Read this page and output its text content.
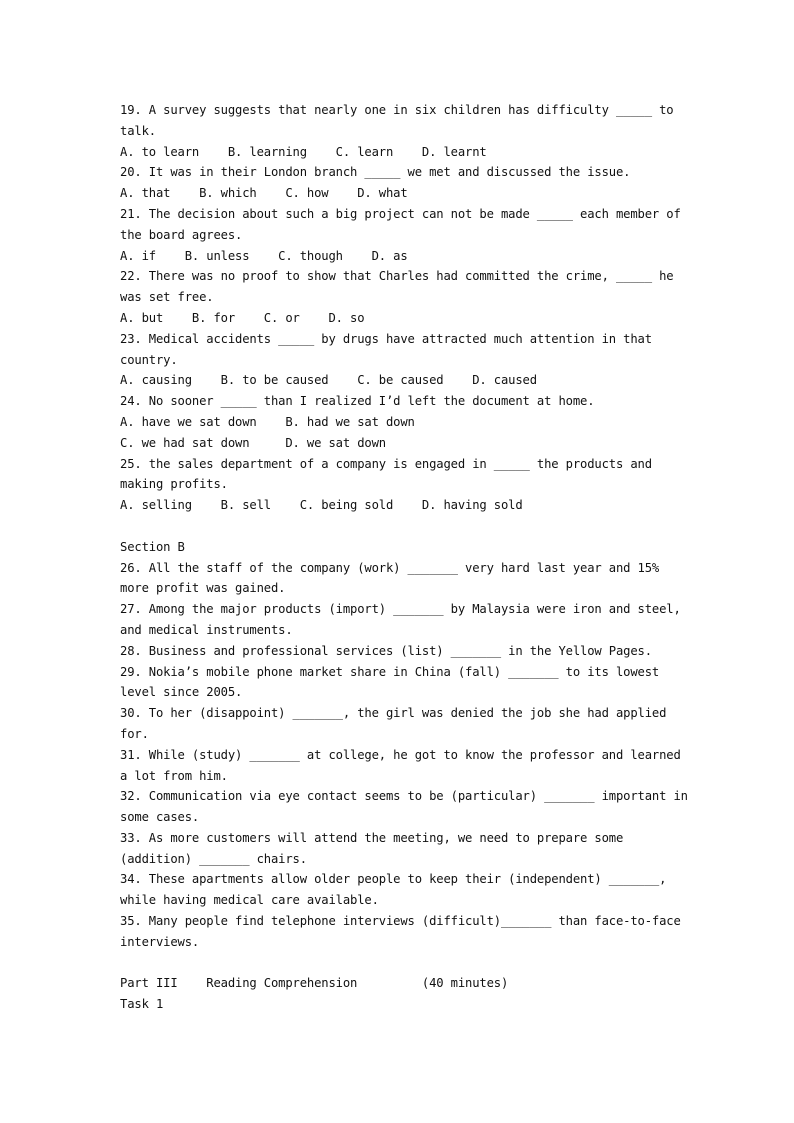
19. A survey suggests that nearly one in six children has difficulty _____ to
talk.
A. to learn    B. learning    C. learn    D. learnt
20. It was in their London branch _____ we met and discussed the issue.
A. that    B. which    C. how    D. what
21. The decision about such a big project can not be made _____ each member of
the board agrees.
A. if    B. unless    C. though    D. as
22. There was no proof to show that Charles had committed the crime, _____ he
was set free.
A. but    B. for    C. or    D. so
23. Medical accidents _____ by drugs have attracted much attention in that
country.
A. causing    B. to be caused    C. be caused    D. caused
24. No sooner _____ than I realized I’d left the document at home.
A. have we sat down    B. had we sat down
C. we had sat down     D. we sat down
25. the sales department of a company is engaged in _____ the products and
making profits.
A. selling    B. sell    C. being sold    D. having sold
Section B
26. All the staff of the company (work) _______ very hard last year and 15%
more profit was gained.
27. Among the major products (import) _______ by Malaysia were iron and steel,
and medical instruments.
28. Business and professional services (list) _______ in the Yellow Pages.
29. Nokia’s mobile phone market share in China (fall) _______ to its lowest
level since 2005.
30. To her (disappoint) _______, the girl was denied the job she had applied
for.
31. While (study) _______ at college, he got to know the professor and learned
a lot from him.
32. Communication via eye contact seems to be (particular) _______ important in
some cases.
33. As more customers will attend the meeting, we need to prepare some
(addition) _______ chairs.
34. These apartments allow older people to keep their (independent) _______,
while having medical care available.
35. Many people find telephone interviews (difficult)_______ than face-to-face
interviews.
Part III    Reading Comprehension         (40 minutes)
Task 1
